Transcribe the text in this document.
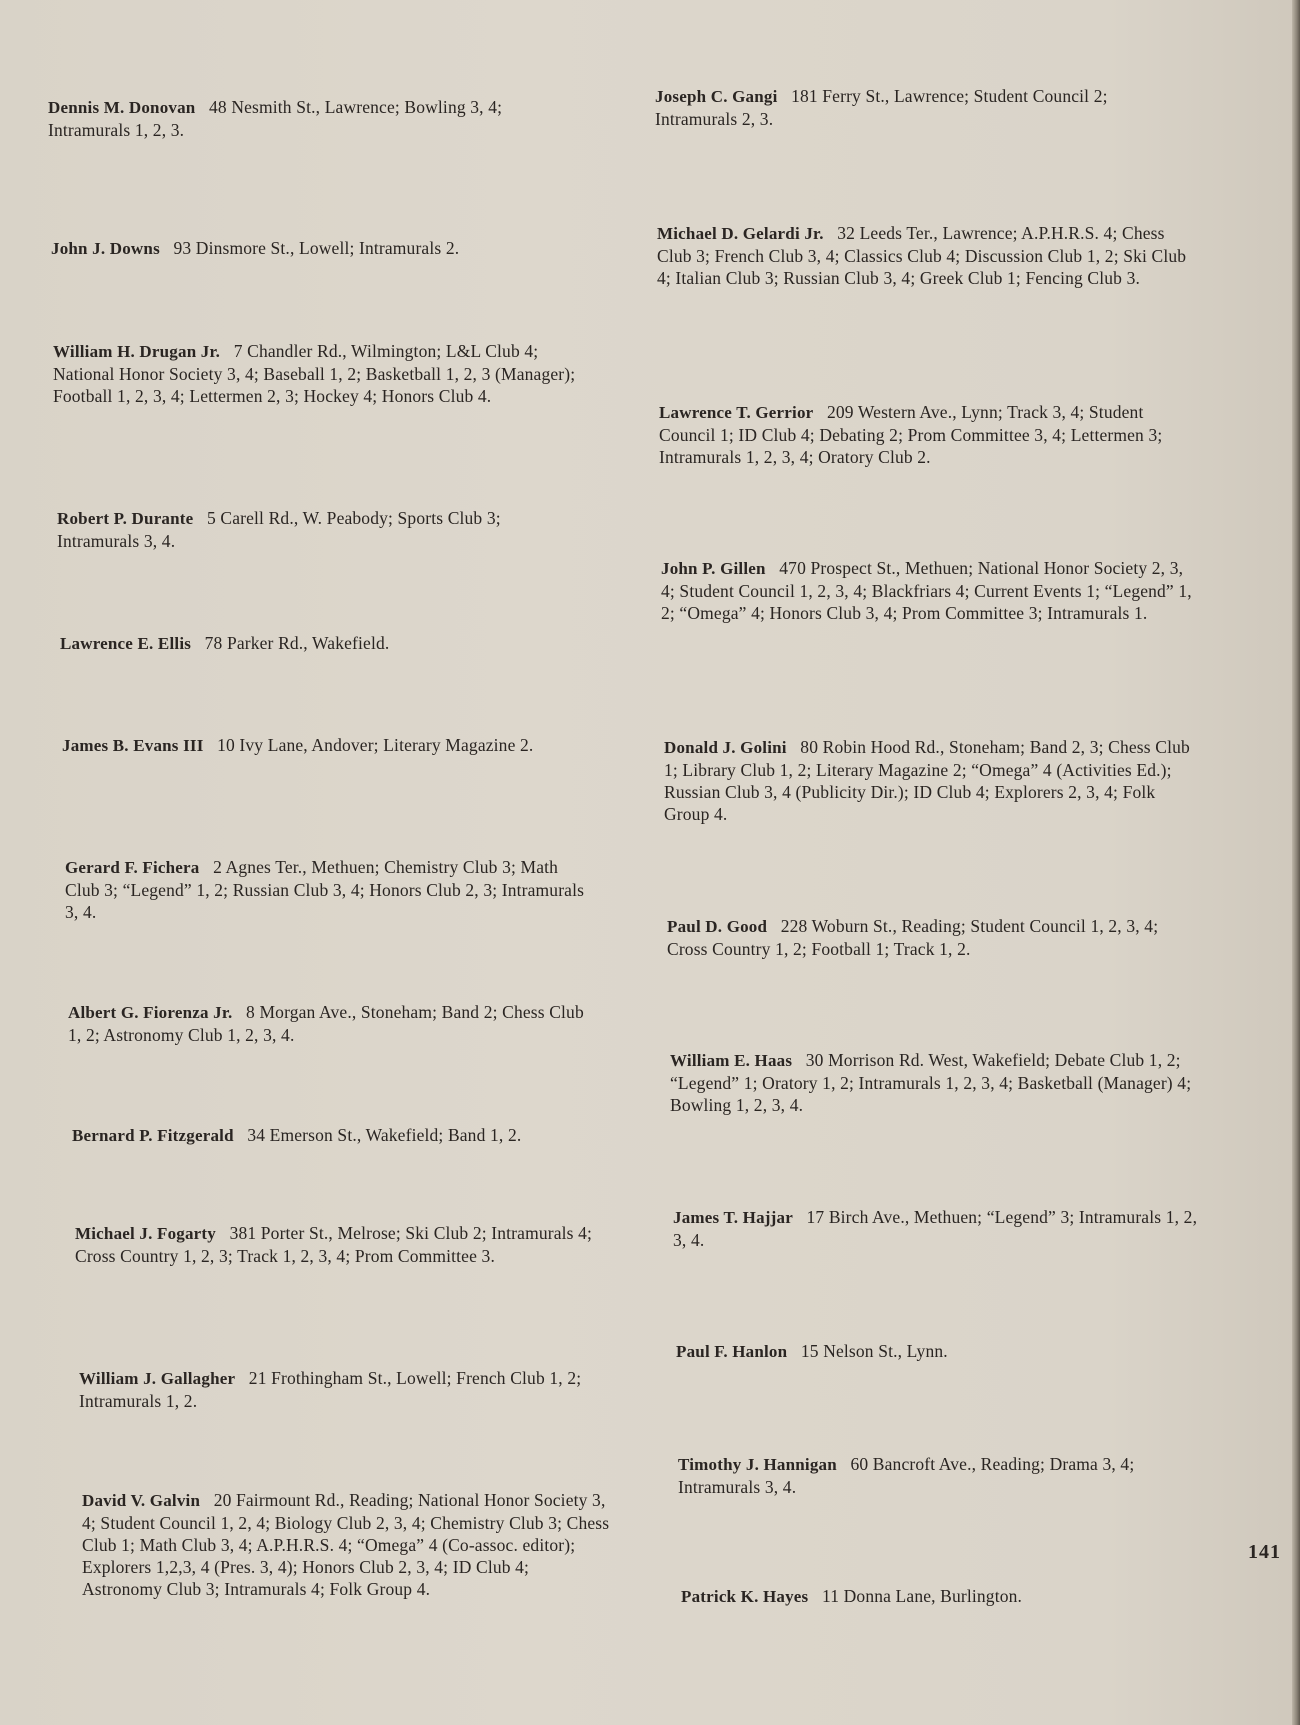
Dennis M. Donovan 48 Nesmith St., Lawrence; Bowling 3, 4; Intramurals 1, 2, 3.
John J. Downs 93 Dinsmore St., Lowell; Intramurals 2.
William H. Drugan Jr. 7 Chandler Rd., Wilmington; L&L Club 4; National Honor Society 3, 4; Baseball 1, 2; Basketball 1, 2, 3 (Manager); Football 1, 2, 3, 4; Lettermen 2, 3; Hockey 4; Honors Club 4.
Robert P. Durante 5 Carell Rd., W. Peabody; Sports Club 3; Intramurals 3, 4.
Lawrence E. Ellis 78 Parker Rd., Wakefield.
James B. Evans III 10 Ivy Lane, Andover; Literary Magazine 2.
Gerard F. Fichera 2 Agnes Ter., Methuen; Chemistry Club 3; Math Club 3; “Legend” 1, 2; Russian Club 3, 4; Honors Club 2, 3; Intramurals 3, 4.
Albert G. Fiorenza Jr. 8 Morgan Ave., Stoneham; Band 2; Chess Club 1, 2; Astronomy Club 1, 2, 3, 4.
Bernard P. Fitzgerald 34 Emerson St., Wakefield; Band 1, 2.
Michael J. Fogarty 381 Porter St., Melrose; Ski Club 2; Intramurals 4; Cross Country 1, 2, 3; Track 1, 2, 3, 4; Prom Committee 3.
William J. Gallagher 21 Frothingham St., Lowell; French Club 1, 2; Intramurals 1, 2.
David V. Galvin 20 Fairmount Rd., Reading; National Honor Society 3, 4; Student Council 1, 2, 4; Biology Club 2, 3, 4; Chemistry Club 3; Chess Club 1; Math Club 3, 4; A.P.H.R.S. 4; “Omega” 4 (Co-assoc. editor); Explorers 1,2,3, 4 (Pres. 3, 4); Honors Club 2, 3, 4; ID Club 4; Astronomy Club 3; Intramurals 4; Folk Group 4.
Joseph C. Gangi 181 Ferry St., Lawrence; Student Council 2; Intramurals 2, 3.
Michael D. Gelardi Jr. 32 Leeds Ter., Lawrence; A.P.H.R.S. 4; Chess Club 3; French Club 3, 4; Classics Club 4; Discussion Club 1, 2; Ski Club 4; Italian Club 3; Russian Club 3, 4; Greek Club 1; Fencing Club 3.
Lawrence T. Gerrior 209 Western Ave., Lynn; Track 3, 4; Student Council 1; ID Club 4; Debating 2; Prom Committee 3, 4; Lettermen 3; Intramurals 1, 2, 3, 4; Oratory Club 2.
John P. Gillen 470 Prospect St., Methuen; National Honor Society 2, 3, 4; Student Council 1, 2, 3, 4; Blackfriars 4; Current Events 1; “Legend” 1, 2; “Omega” 4; Honors Club 3, 4; Prom Committee 3; Intramurals 1.
Donald J. Golini 80 Robin Hood Rd., Stoneham; Band 2, 3; Chess Club 1; Library Club 1, 2; Literary Magazine 2; “Omega” 4 (Activities Ed.); Russian Club 3, 4 (Publicity Dir.); ID Club 4; Explorers 2, 3, 4; Folk Group 4.
Paul D. Good 228 Woburn St., Reading; Student Council 1, 2, 3, 4; Cross Country 1, 2; Football 1; Track 1, 2.
William E. Haas 30 Morrison Rd. West, Wakefield; Debate Club 1, 2; “Legend” 1; Oratory 1, 2; Intramurals 1, 2, 3, 4; Basketball (Manager) 4; Bowling 1, 2, 3, 4.
James T. Hajjar 17 Birch Ave., Methuen; “Legend” 3; Intramurals 1, 2, 3, 4.
Paul F. Hanlon 15 Nelson St., Lynn.
Timothy J. Hannigan 60 Bancroft Ave., Reading; Drama 3, 4; Intramurals 3, 4.
Patrick K. Hayes 11 Donna Lane, Burlington.
141
